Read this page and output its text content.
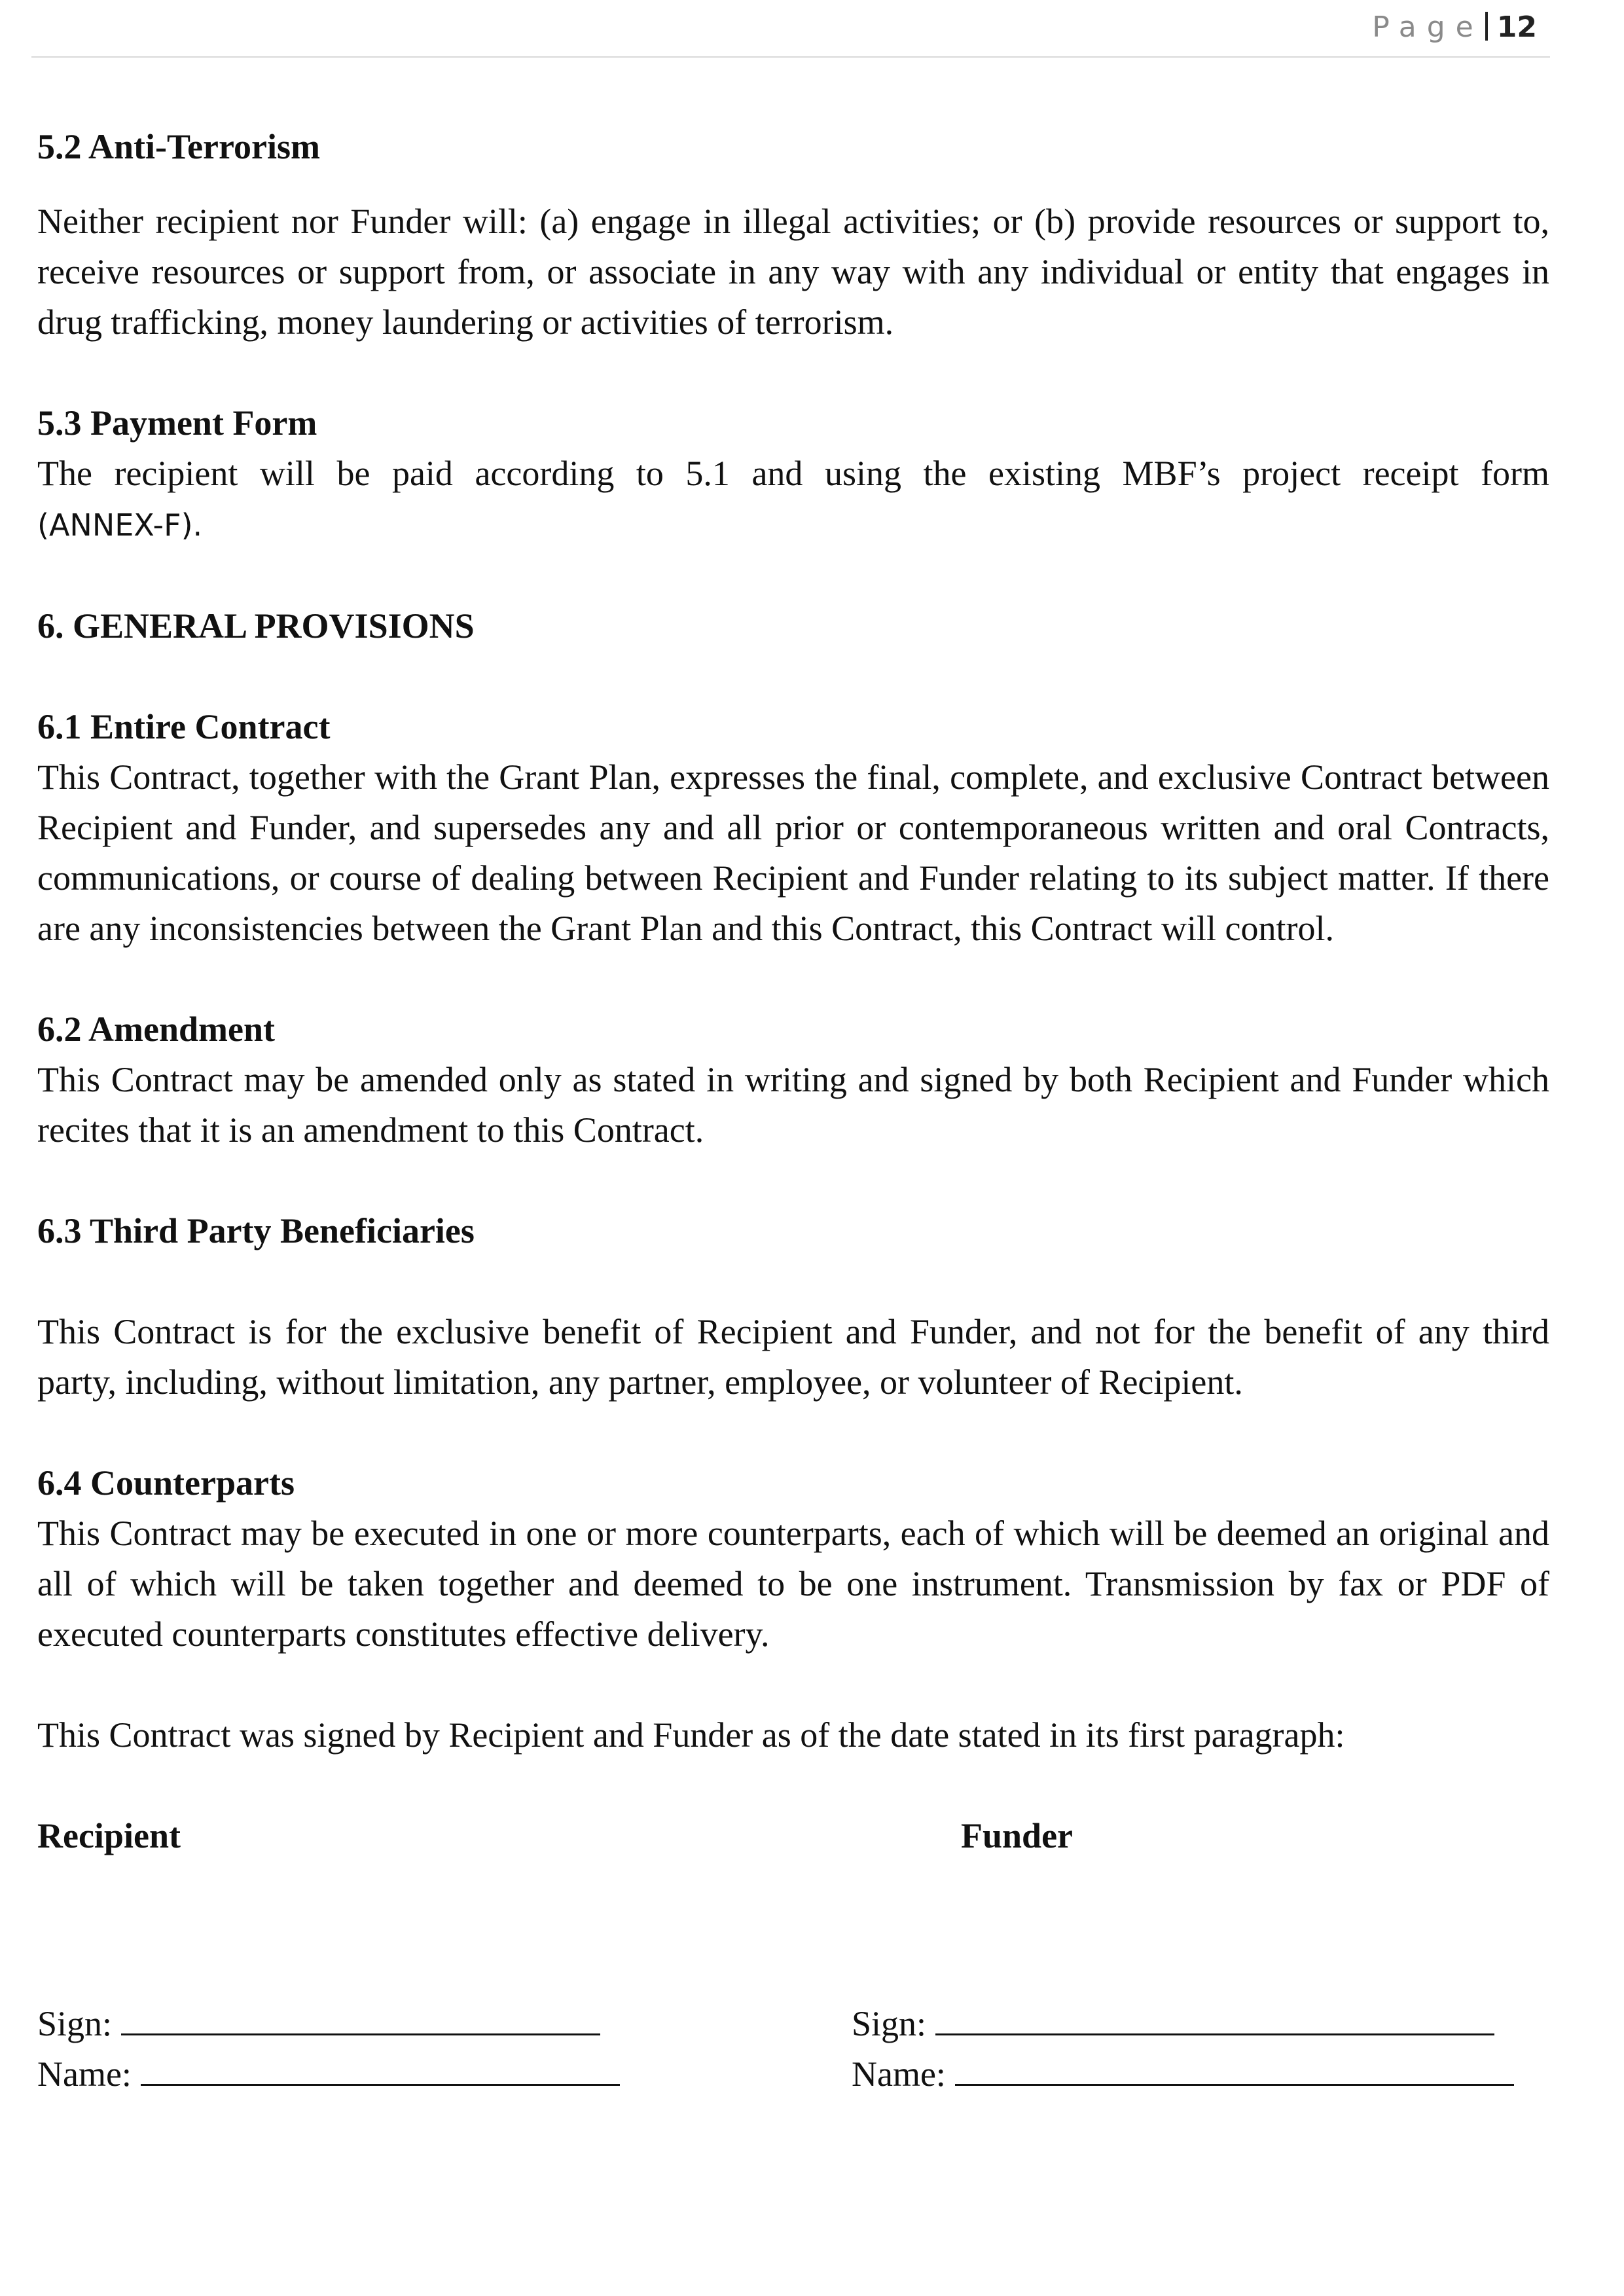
Page 12

5.2 Anti-Terrorism

Neither recipient nor Funder will: (a) engage in illegal activities; or (b) provide resources or support to, receive resources or support from, or associate in any way with any individual or entity that engages in drug trafficking, money laundering or activities of terrorism.

5.3 Payment Form

The recipient will be paid according to 5.1 and using the existing MBF’s project receipt form

(ANNEX-F).

6. GENERAL PROVISIONS

6.1 Entire Contract

This Contract, together with the Grant Plan, expresses the final, complete, and exclusive Contract between Recipient and Funder, and supersedes any and all prior or contemporaneous written and oral Contracts, communications, or course of dealing between Recipient and Funder relating to its subject matter. If there are any inconsistencies between the Grant Plan and this Contract, this Contract will control.

6.2 Amendment

This Contract may be amended only as stated in writing and signed by both Recipient and Funder which recites that it is an amendment to this Contract.

6.3 Third Party Beneficiaries

This Contract is for the exclusive benefit of Recipient and Funder, and not for the benefit of any third party, including, without limitation, any partner, employee, or volunteer of Recipient.

6.4 Counterparts

This Contract may be executed in one or more counterparts, each of which will be deemed an original and all of which will be taken together and deemed to be one instrument. Transmission by fax or PDF of executed counterparts constitutes effective delivery.

This Contract was signed by Recipient and Funder as of the date stated in its first paragraph:

Recipient	Funder
Sign:	Sign:
Name:	Name:
